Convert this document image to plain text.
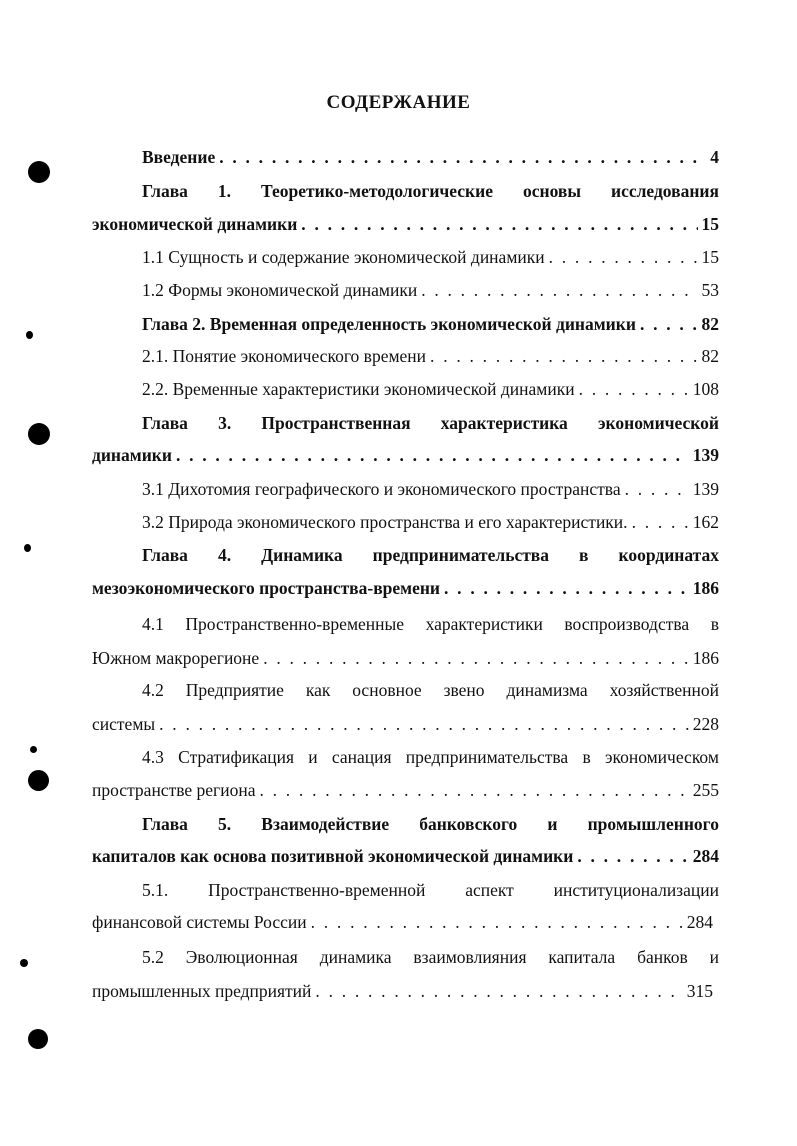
СОДЕРЖАНИЕ
Введение . . .	4
Глава 1. Теоретико-методологические основы исследования
экономической динамики . . .	15
1.1 Сущность и содержание экономической динамики . . .	15
1.2 Формы экономической динамики . . .	53
Глава 2. Временная определенность экономической динамики . . .	82
2.1. Понятие экономического времени . . .	82
2.2. Временные характеристики экономической динамики . . .	108
Глава 3. Пространственная характеристика экономической
динамики . . .	139
3.1 Дихотомия географического и экономического пространства . . .	139
3.2 Природа экономического пространства и его характеристики. . . .	162
Глава 4. Динамика предпринимательства в координатах
мезоэкономического пространства-времени . . .	186
4.1 Пространственно-временные характеристики воспроизводства в
Южном макрорегионе . . .	186
4.2 Предприятие как основное звено динамизма хозяйственной
системы . . .	228
4.3 Стратификация и санация предпринимательства в экономическом
пространстве региона . . .	255
Глава 5. Взаимодействие банковского и промышленного
капиталов как основа позитивной экономической динамики . . .	284
5.1. Пространственно-временной аспект институционализации
финансовой системы России . . .	284
5.2 Эволюционная динамика взаимовлияния капитала банков и
промышленных предприятий . . .	315
